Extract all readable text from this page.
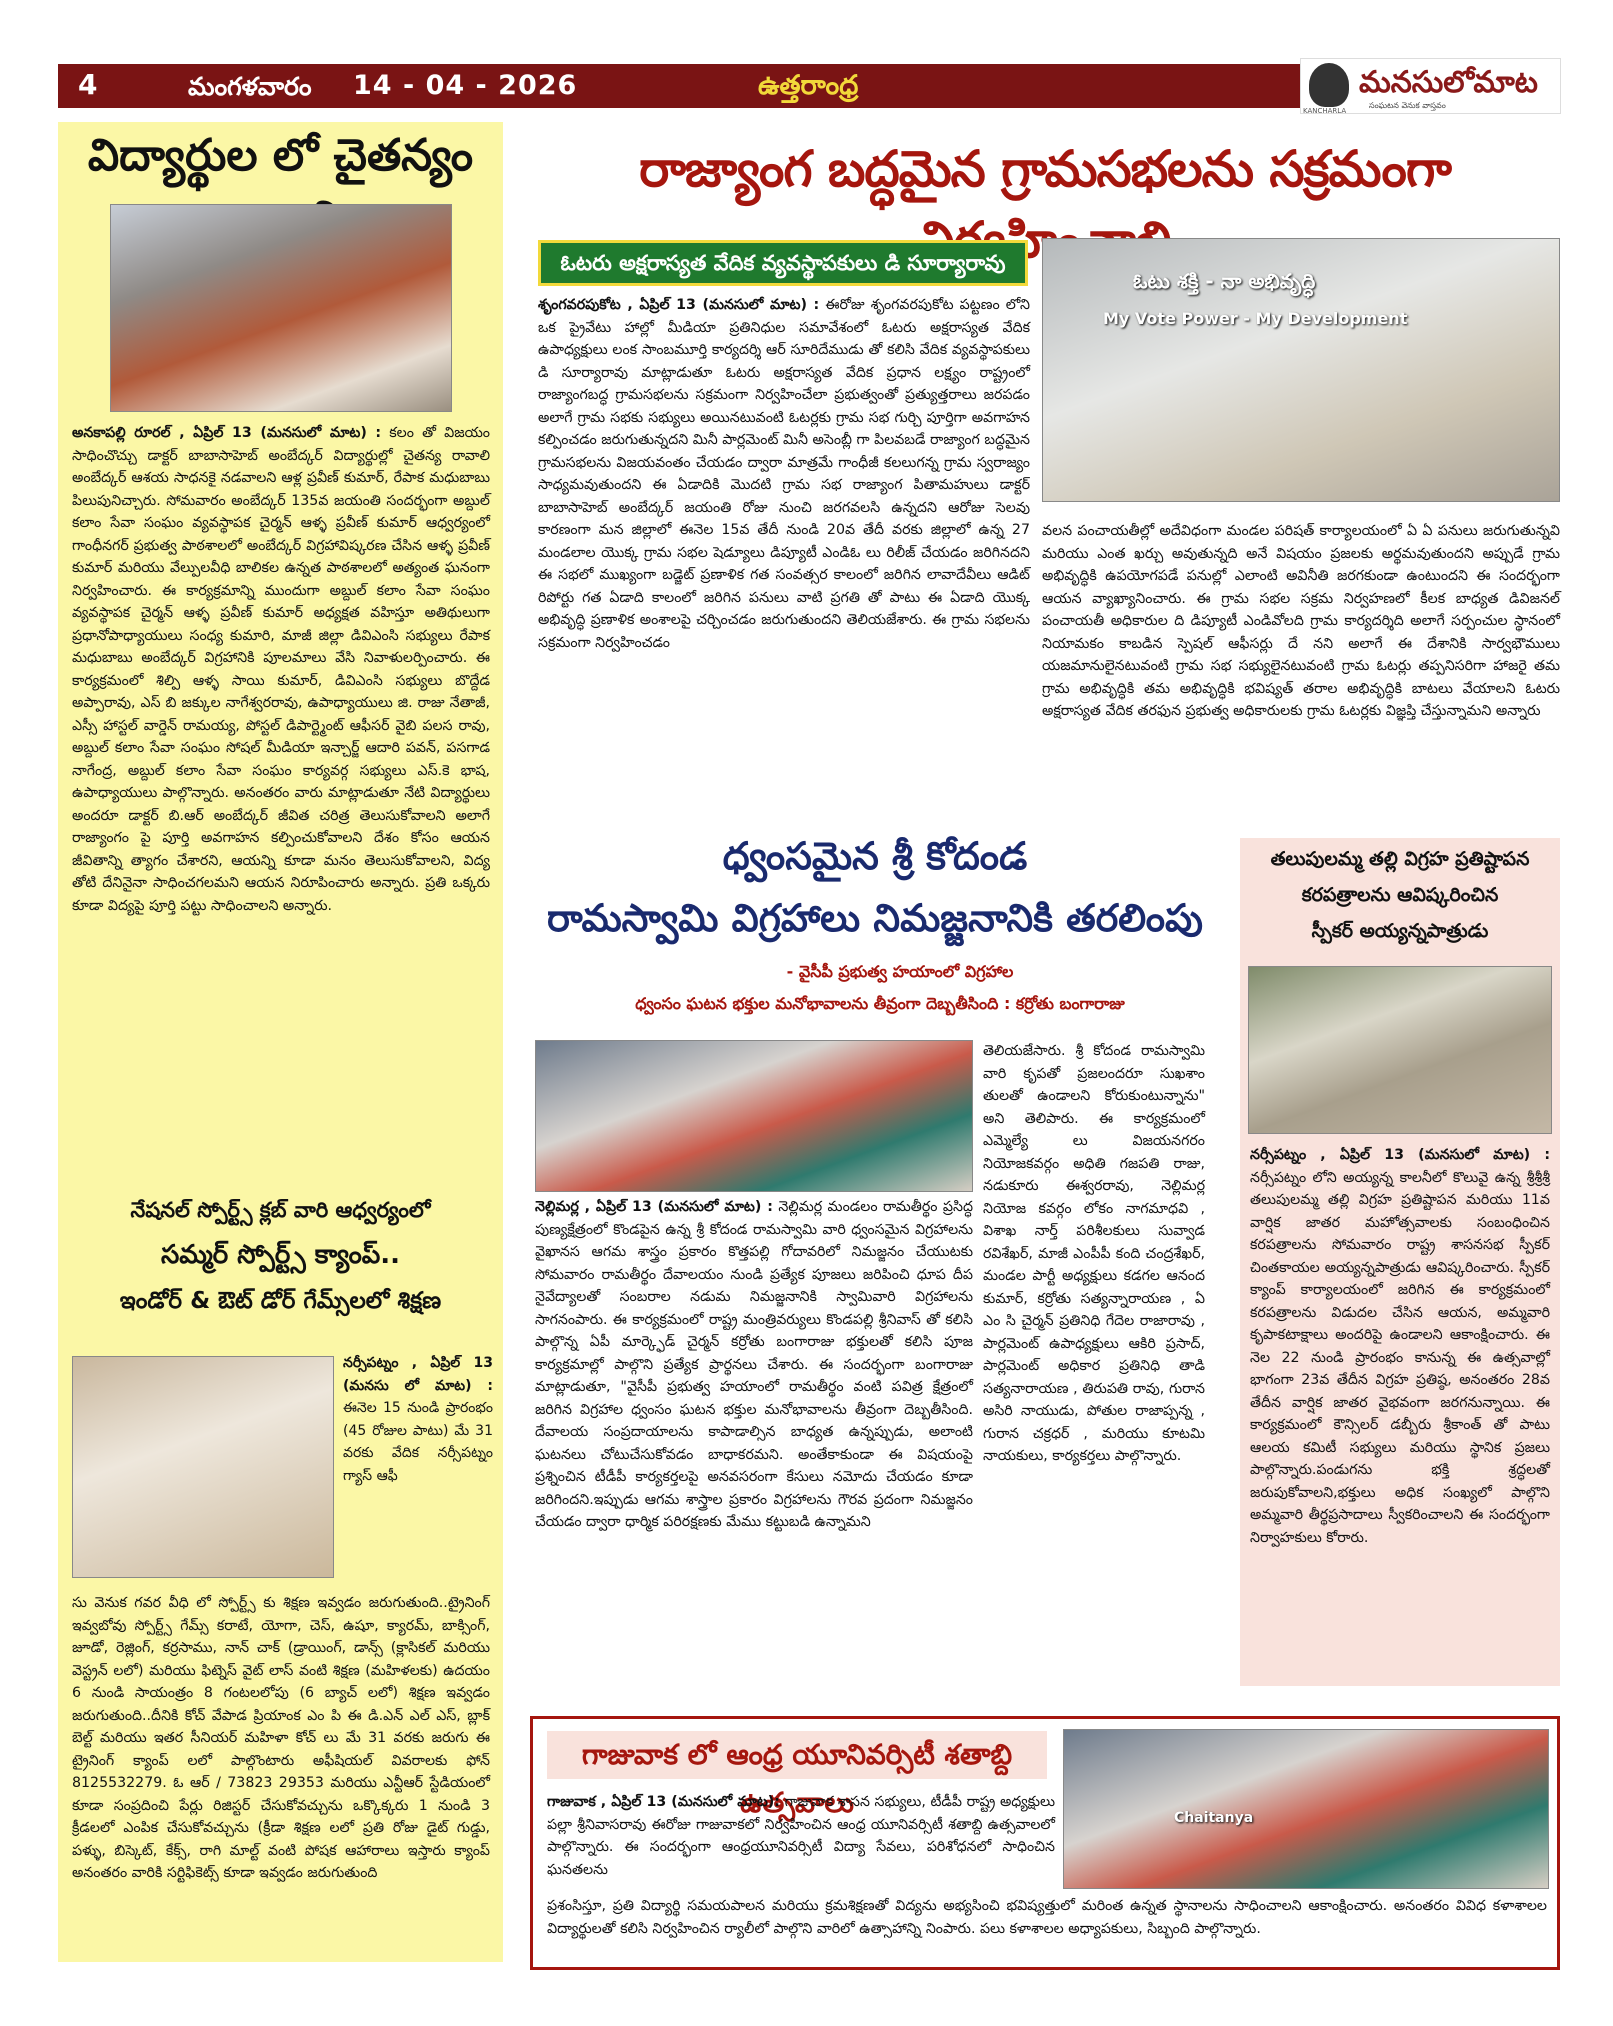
4	మంగళవారం 14 - 04 - 2026	ఉత్తరాంధ్ర	మనసులోమాట
సంఘటన వెనుక వాస్తవం
KANCHARLA
విద్యార్థుల లో చైతన్యం
అనకాపల్లి రూరల్ , ఏప్రిల్ 13 (మనసులో మాట) : కలం తో విజయం సాధించొచ్చు డాక్టర్ బాబాసాహెబ్ అంబేద్కర్ విద్యార్థుల్లో చైతన్య రావాలి అంబేద్కర్ ఆశయ సాధనకై నడవాలని ఆళ్ల ప్రవీణ్ కుమార్, రేపాక మధుబాబు పిలుపునిచ్చారు. సోమవారం అంబేద్కర్ 135వ జయంతి సందర్భంగా అబ్దుల్ కలాం సేవా సంఘం వ్యవస్థాపక చైర్మన్ ఆళ్ళ ప్రవీణ్ కుమార్ ఆధ్వర్యంలో గాంధీనగర్ ప్రభుత్వ పాఠశాలలో అంబేద్కర్ విగ్రహావిష్కరణ చేసిన ఆళ్ళ ప్రవీణ్ కుమార్ మరియు వేల్పులవీధి బాలికల ఉన్నత పాఠశాలలో అత్యంత ఘనంగా నిర్వహించారు. ఈ కార్యక్రమాన్ని ముందుగా అబ్దుల్ కలాం సేవా సంఘం వ్యవస్థాపక చైర్మన్ ఆళ్ళ ప్రవీణ్ కుమార్ అధ్యక్షత వహిస్తూ అతిథులుగా ప్రధానోపాధ్యాయులు సంధ్య కుమారి, మాజీ జిల్లా డివిఎంసి సభ్యులు రేపాక మధుబాబు అంబేద్కర్ విగ్రహానికి పూలమాలు వేసి నివాళులర్పించారు. ఈ కార్యక్రమంలో శిల్పి ఆళ్ళ సాయి కుమార్, డివిఎంసి సభ్యులు బొద్దేడ అప్పారావు, ఎస్ బి జక్కుల నాగేశ్వరరావు, ఉపాధ్యాయులు జి. రాజు నేతాజీ, ఎస్సీ హాస్టల్ వార్డెన్ రామయ్య, పోస్టల్ డిపార్ట్మెంట్ ఆఫీసర్ వైబి పలస రావు, అబ్దుల్ కలాం సేవా సంఘం సోషల్ మీడియా ఇన్చార్జ్ ఆదారి పవన్, పసగాడ నాగేంద్ర, అబ్దుల్ కలాం సేవా సంఘం కార్యవర్గ సభ్యులు ఎస్.కె భాష, ఉపాధ్యాయులు పాల్గొన్నారు. అనంతరం వారు మాట్లాడుతూ నేటి విద్యార్థులు అందరూ డాక్టర్ బి.ఆర్ అంబేద్కర్ జీవిత చరిత్ర తెలుసుకోవాలని అలాగే రాజ్యాంగం పై పూర్తి అవగాహన కల్పించుకోవాలని దేశం కోసం ఆయన జీవితాన్ని త్యాగం చేశారని, ఆయన్ని కూడా మనం తెలుసుకోవాలని, విద్య తోటి దేనినైనా సాధించగలమని ఆయన నిరూపించారు అన్నారు. ప్రతి ఒక్కరు కూడా విద్యపై పూర్తి పట్టు సాధించాలని అన్నారు.
నేషనల్ స్పోర్ట్స్ క్లబ్ వారి ఆధ్వర్యంలో
సమ్మర్ స్పోర్ట్స్ క్యాంప్..
ఇండోర్ & ఔట్ డోర్ గేమ్స్‌లలో శిక్షణ
నర్సీపట్నం , ఏప్రిల్ 13 (మనసు లో మాట) : ఈనెల 15 నుండి ప్రారంభం (45 రోజుల పాటు) మే 31 వరకు వేదిక నర్సీపట్నం గ్యాస్ ఆఫీ
సు వెనుక గవర వీధి లో స్పోర్ట్స్ కు శిక్షణ ఇవ్వడం జరుగుతుంది..ట్రైనింగ్ ఇవ్వబోవు స్పోర్ట్స్ గేమ్స్ కరాటే, యోగా, చెస్, ఉషూ, క్యారమ్, బాక్సింగ్, జూడో, రెజ్లింగ్, కర్రసాము, నాన్ చాక్ (డ్రాయింగ్, డాన్స్ (క్లాసికల్ మరియు వెస్ట్రన్ లలో) మరియు ఫిట్నెస్ వైట్ లాస్ వంటి శిక్షణ (మహిళలకు) ఉదయం 6 నుండి సాయంత్రం 8 గంటలలోపు (6 బ్యాచ్ లలో) శిక్షణ ఇవ్వడం జరుగుతుంది..దీనికి కోచ్ వేపాడ ప్రియాంక ఎం పి ఈ డి.ఎన్ ఎల్ ఎస్, బ్లాక్ బెల్ట్ మరియు ఇతర సీనియర్ మహిళా కోచ్ లు మే 31 వరకు జరుగు ఈ ట్రైనింగ్ క్యాంప్ లలో పాల్గొంటారు అఫీషియల్ వివరాలకు ఫోన్ 8125532279. ఓ ఆర్ / 73823 29353 మరియు ఎన్టీఆర్ స్టేడియంలో కూడా సంప్రదించి పేర్లు రిజిస్టర్ చేసుకోవచ్చును ఒక్కొక్కరు 1 నుండి 3 క్రీడలలో ఎంపిక చేసుకోవచ్చును (క్రీడా శిక్షణ లలో ప్రతి రోజు డైట్ గుడ్డు, పళ్ళు, బిస్కెట్, కేక్స్, రాగి మాల్ట్ వంటి పోషక ఆహారాలు ఇస్తారు క్యాంప్ అనంతరం వారికి సర్టిఫికెట్స్ కూడా ఇవ్వడం జరుగుతుంది
రాజ్యాంగ బద్ధమైన గ్రామసభలను సక్రమంగా
ఓటరు అక్షరాస్యత వేదిక వ్యవస్థాపకులు డి సూర్యారావు
శృంగవరపుకోట , ఏప్రిల్ 13 (మనసులో మాట) : ఈరోజు శృంగవరపుకోట పట్టణం లోని ఒక ప్రైవేటు హాల్లో మీడియా ప్రతినిధుల సమావేశంలో ఓటరు అక్షరాస్యత వేదిక ఉపాధ్యక్షులు లంక సాంబమూర్తి కార్యదర్శి ఆర్ సూరిదేముడు తో కలిసి వేదిక వ్యవస్థాపకులు డి సూర్యారావు మాట్లాడుతూ ఓటరు అక్షరాస్యత వేదిక ప్రధాన లక్ష్యం రాష్ట్రంలో రాజ్యాంగబద్ధ గ్రామసభలను సక్రమంగా నిర్వహించేలా ప్రభుత్వంతో ప్రత్యుత్తరాలు జరపడం అలాగే గ్రామ సభకు సభ్యులు అయినటువంటి ఓటర్లకు గ్రామ సభ గుర్చి పూర్తిగా అవగాహన కల్పించడం జరుగుతున్నదని మినీ పార్లమెంట్ మినీ అసెంబ్లీ గా పిలవబడే రాజ్యాంగ బద్ధమైన గ్రామసభలను విజయవంతం చేయడం ద్వారా మాత్రమే గాంధీజీ కలలుగన్న గ్రామ స్వరాజ్యం సాధ్యమవుతుందని ఈ ఏడాదికి మొదటి గ్రామ సభ రాజ్యాంగ పితామహులు డాక్టర్ బాబాసాహెబ్ అంబేద్కర్ జయంతి రోజు నుంచి జరగవలసి ఉన్నదని ఆరోజు సెలవు కారణంగా మన జిల్లాలో ఈనెల 15వ తేదీ నుండి 20వ తేదీ వరకు జిల్లాలో ఉన్న 27 మండలాల యొక్క గ్రామ సభల షెడ్యూలు డిప్యూటీ ఎండిఓ లు రిలీజ్ చేయడం జరిగినదని ఈ సభలో ముఖ్యంగా బడ్జెట్ ప్రణాళిక గత సంవత్సర కాలంలో జరిగిన లావాదేవీలు ఆడిట్ రిపోర్టు గత ఏడాది కాలంలో జరిగిన పనులు వాటి ప్రగతి తో పాటు ఈ ఏడాది యొక్క అభివృద్ధి ప్రణాళిక అంశాలపై చర్చించడం జరుగుతుందని తెలియజేశారు. ఈ గ్రామ సభలను సక్రమంగా నిర్వహించడం
ఓటు శక్తి - నా అభివృద్ధి
My Vote Power - My Development
వలన పంచాయతీల్లో అదేవిధంగా మండల పరిషత్ కార్యాలయంలో ఏ ఏ పనులు జరుగుతున్నవి మరియు ఎంత ఖర్చు అవుతున్నది అనే విషయం ప్రజలకు అర్థమవుతుందని అప్పుడే గ్రామ అభివృద్ధికి ఉపయోగపడే పనుల్లో ఎలాంటి అవినీతి జరగకుండా ఉంటుందని ఈ సందర్భంగా ఆయన వ్యాఖ్యానించారు. ఈ గ్రామ సభల సక్రమ నిర్వహణలో కీలక బాధ్యత డివిజనల్ పంచాయతీ అధికారుల ది డిప్యూటీ ఎండివోలది గ్రామ కార్యదర్శిది అలాగే సర్పంచుల స్థానంలో నియామకం కాబడిన స్పెషల్ ఆఫీసర్లు దే నని అలాగే ఈ దేశానికి సార్వభౌములు యజమానులైనటువంటి గ్రామ సభ సభ్యులైనటువంటి గ్రామ ఓటర్లు తప్పనిసరిగా హాజరై తమ గ్రామ అభివృద్ధికి తమ అభివృద్ధికి భవిష్యత్ తరాల అభివృద్ధికి బాటలు వేయాలని ఓటరు అక్షరాస్యత వేదిక తరఫున ప్రభుత్వ అధికారులకు గ్రామ ఓటర్లకు విజ్ఞప్తి చేస్తున్నామని అన్నారు
ధ్వంసమైన శ్రీ కోదండ
రామస్వామి విగ్రహాలు నిమజ్జనానికి తరలింపు
- వైసీపీ ప్రభుత్వ హయాంలో విగ్రహాల
ధ్వంసం ఘటన భక్తుల మనోభావాలను తీవ్రంగా దెబ్బతీసింది : కర్రోతు బంగారాజు
నెల్లిమర్ల , ఏప్రిల్ 13 (మనసులో మాట) : నెల్లిమర్ల మండలం రామతీర్థం ప్రసిద్ధ పుణ్యక్షేత్రంలో కొండపైన ఉన్న శ్రీ కోదండ రామస్వామి వారి ధ్వంసమైన విగ్రహాలను వైఖానస ఆగమ శాస్త్రం ప్రకారం కొత్తపల్లి గోదావరిలో నిమజ్జనం చేయుటకు సోమవారం రామతీర్థం దేవాలయం నుండి ప్రత్యేక పూజలు జరిపించి ధూప దీప నైవేద్యాలతో సంబరాల నడుమ నిమజ్జనానికి స్వామివారి విగ్రహాలను సాగనంపారు. ఈ కార్యక్రమంలో రాష్ట్ర మంత్రివర్యులు కొండపల్లి శ్రీనివాస్ తో కలిసి పాల్గొన్న ఏపీ మార్క్ఫెడ్ చైర్మన్ కర్రోతు బంగారాజు భక్తులతో కలిసి పూజ కార్యక్రమాల్లో పాల్గొని ప్రత్యేక ప్రార్థనలు చేశారు. ఈ సందర్భంగా బంగారాజు మాట్లాడుతూ, "వైసీపీ ప్రభుత్వ హయాంలో రామతీర్థం వంటి పవిత్ర క్షేత్రంలో జరిగిన విగ్రహాల ధ్వంసం ఘటన భక్తుల మనోభావాలను తీవ్రంగా దెబ్బతీసింది. దేవాలయ సంప్రదాయాలను కాపాడాల్సిన బాధ్యత ఉన్నప్పుడు, అలాంటి ఘటనలు చోటుచేసుకోవడం బాధాకరమని. అంతేకాకుండా ఈ విషయంపై ప్రశ్నించిన టీడీపీ కార్యకర్తలపై అనవసరంగా కేసులు నమోదు చేయడం కూడా జరిగిందని.ఇప్పుడు ఆగమ శాస్త్రాల ప్రకారం విగ్రహాలను గౌరవ ప్రదంగా నిమజ్జనం చేయడం ద్వారా ధార్మిక పరిరక్షణకు మేము కట్టుబడి ఉన్నామని
తెలియజేసారు. శ్రీ కోదండ రామస్వామి వారి కృపతో ప్రజలందరూ సుఖశాం తులతో ఉండాలని కోరుకుంటున్నాను" అని తెలిపారు. ఈ కార్యక్రమంలో ఎమ్మెల్యే లు విజయనగరం నియోజకవర్గం అధితి గజపతి రాజు, నడుకూరు ఈశ్వరరావు, నెల్లిమర్ల నియోజ కవర్గం లోకం నాగమాధవి , విశాఖ నార్త్ పరిశీలకులు సువ్వాడ రవిశేఖర్, మాజీ ఎంపీపీ కంది చంద్రశేఖర్, మండల పార్టీ అధ్యక్షులు కడగల ఆనంద కుమార్, కర్రోతు సత్యన్నారాయణ , ఏ ఎం సి చైర్మన్ ప్రతినిధి గేదెల రాజారావు , పార్లమెంట్ ఉపాధ్యక్షులు ఆకిరి ప్రసాద్, పార్లమెంట్ అధికార ప్రతినిధి తాడి సత్యనారాయణ , తిరుపతి రావు, గురాన అసిరి నాయుడు, పోతుల రాజాప్పన్న , గురాన చక్రధర్ , మరియు కూటమి నాయకులు, కార్యకర్తలు పాల్గొన్నారు.
తలుపులమ్మ తల్లి విగ్రహ ప్రతిష్టాపన
కరపత్రాలను ఆవిష్కరించిన
స్పీకర్ అయ్యన్నపాత్రుడు
నర్సీపట్నం , ఏప్రిల్ 13 (మనసులో మాట) : నర్సీపట్నం లోని అయ్యన్న కాలనీలో కొలువై ఉన్న శ్రీశ్రీశ్రీ తలుపులమ్మ తల్లి విగ్రహ ప్రతిష్టాపన మరియు 11వ వార్షిక జాతర మహోత్సవాలకు సంబంధించిన కరపత్రాలను సోమవారం రాష్ట్ర శాసనసభ స్పీకర్ చింతకాయల అయ్యన్నపాత్రుడు ఆవిష్కరించారు. స్పీకర్ క్యాంప్ కార్యాలయంలో జరిగిన ఈ కార్యక్రమంలో కరపత్రాలను విడుదల చేసిన ఆయన, అమ్మవారి కృపాకటాక్షాలు అందరిపై ఉండాలని ఆకాంక్షించారు. ఈ నెల 22 నుండి ప్రారంభం కానున్న ఈ ఉత్సవాల్లో భాగంగా 23వ తేదీన విగ్రహ ప్రతిష్ఠ, అనంతరం 28వ తేదీన వార్షిక జాతర వైభవంగా జరగనున్నాయి. ఈ కార్యక్రమంలో కౌన్సిలర్ డబ్బీరు శ్రీకాంత్ తో పాటు ఆలయ కమిటీ సభ్యులు మరియు స్థానిక ప్రజలు పాల్గొన్నారు.పండుగను భక్తి శ్రద్ధలతో జరుపుకోవాలని,భక్తులు అధిక సంఖ్యలో పాల్గొని అమ్మవారి తీర్థప్రసాదాలు స్వీకరించాలని ఈ సందర్భంగా నిర్వాహకులు కోరారు.
గాజువాక లో ఆంధ్ర యూనివర్సిటీ శతాబ్ది ఉత్సవాలు
గాజువాక , ఏప్రిల్ 13 (మనసులో మాట): గాజువాక శాసన సభ్యులు, టీడీపీ రాష్ట్ర అధ్యక్షులు పల్లా శ్రీనివాసరావు ఈరోజు గాజువాకలో నిర్వహించిన ఆంధ్ర యూనివర్సిటీ శతాబ్ది ఉత్సవాలలో పాల్గొన్నారు. ఈ సందర్భంగా ఆంధ్రయూనివర్సిటీ విద్యా సేవలు, పరిశోధనలో సాధించిన ఘనతలను
Chaitanya
ప్రశంసిస్తూ, ప్రతి విద్యార్థి సమయపాలన మరియు క్రమశిక్షణతో విద్యను అభ్యసించి భవిష్యత్తులో మరింత ఉన్నత స్థానాలను సాధించాలని ఆకాంక్షించారు. అనంతరం వివిధ కళాశాలల విద్యార్థులతో కలిసి నిర్వహించిన ర్యాలీలో పాల్గొని వారిలో ఉత్సాహాన్ని నింపారు. పలు కళాశాలల అధ్యాపకులు, సిబ్బంది పాల్గొన్నారు.
